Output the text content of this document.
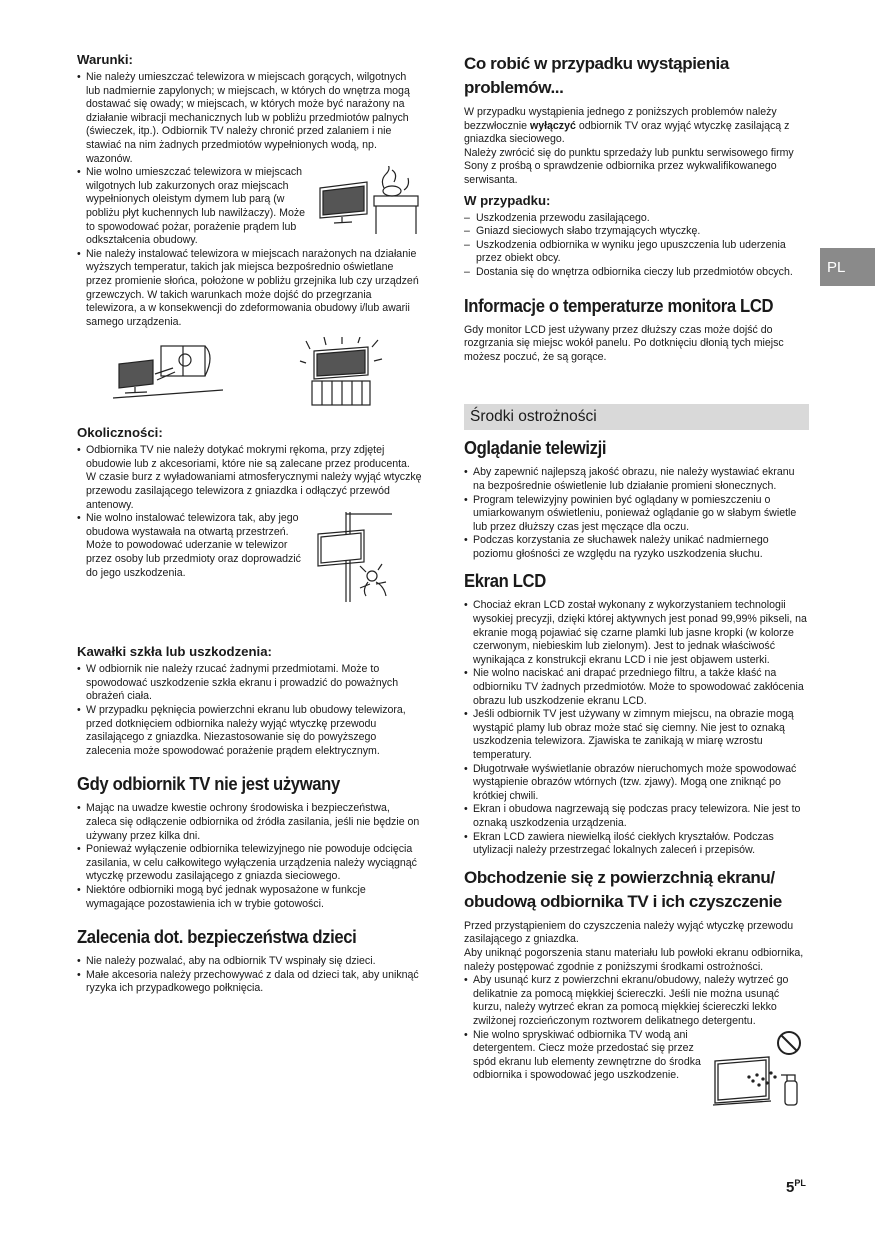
Warunki:
• Nie należy umieszczać telewizora w miejscach gorących, wilgotnych lub nadmiernie zapylonych; w miejscach, w których do wnętrza mogą dostawać się owady; w miejscach, w których może być narażony na działanie wibracji mechanicznych lub w pobliżu przedmiotów palnych (świeczek, itp.). Odbiornik TV należy chronić przed zalaniem i nie stawiać na nim żadnych przedmiotów wypełnionych wodą, np. wazonów.
• Nie wolno umieszczać telewizora w miejscach wilgotnych lub zakurzonych oraz miejscach wypełnionych oleistym dymem lub parą (w pobliżu płyt kuchennych lub nawilżaczy). Może to spowodować pożar, porażenie prądem lub odkształcenia obudowy.
• Nie należy instalować telewizora w miejscach narażonych na działanie wyższych temperatur, takich jak miejsca bezpośrednio oświetlane przez promienie słońca, położone w pobliżu grzejnika lub czy urządzeń grzewczych. W takich warunkach może dojść do przegrzania telewizora, a w konsekwencji do zdeformowania obudowy i/lub awarii samego urządzenia.
Okoliczności:
• Odbiornika TV nie należy dotykać mokrymi rękoma, przy zdjętej obudowie lub z akcesoriami, które nie są zalecane przez producenta. W czasie burz z wyładowaniami atmosferycznymi należy wyjąć wtyczkę przewodu zasilającego telewizora z gniazdka i odłączyć przewód antenowy.
• Nie wolno instalować telewizora tak, aby jego obudowa wystawała na otwartą przestrzeń. Może to powodować uderzanie w telewizor przez osoby lub przedmioty oraz doprowadzić do jego uszkodzenia.
Kawałki szkła lub uszkodzenia:
• W odbiornik nie należy rzucać żadnymi przedmiotami. Może to spowodować uszkodzenie szkła ekranu i prowadzić do poważnych obrażeń ciała.
• W przypadku pęknięcia powierzchni ekranu lub obudowy telewizora, przed dotknięciem odbiornika należy wyjąć wtyczkę przewodu zasilającego z gniazdka. Niezastosowanie się do powyższego zalecenia może spowodować porażenie prądem elektrycznym.
Gdy odbiornik TV nie jest używany
• Mając na uwadze kwestie ochrony środowiska i bezpieczeństwa, zaleca się odłączenie odbiornika od źródła zasilania, jeśli nie będzie on używany przez kilka dni.
• Ponieważ wyłączenie odbiornika telewizyjnego nie powoduje odcięcia zasilania, w celu całkowitego wyłączenia urządzenia należy wyciągnąć wtyczkę przewodu zasilającego z gniazda sieciowego.
• Niektóre odbiorniki mogą być jednak wyposażone w funkcje wymagające pozostawienia ich w trybie gotowości.
Zalecenia dot. bezpieczeństwa dzieci
• Nie należy pozwalać, aby na odbiornik TV wspinały się dzieci.
• Małe akcesoria należy przechowywać z dala od dzieci tak, aby uniknąć ryzyka ich przypadkowego połknięcia.
Co robić w przypadku wystąpienia problemów...

W przypadku wystąpienia jednego z poniższych problemów należy bezzwłocznie wyłączyć odbiornik TV oraz wyjąć wtyczkę zasilającą z gniazdka sieciowego.

Należy zwrócić się do punktu sprzedaży lub punktu serwisowego firmy Sony z prośbą o sprawdzenie odbiornika przez wykwalifikowanego serwisanta.

W przypadku:
– Uszkodzenia przewodu zasilającego.
– Gniazd sieciowych słabo trzymających wtyczkę.
– Uszkodzenia odbiornika w wyniku jego upuszczenia lub uderzenia przez obiekt obcy.
– Dostania się do wnętrza odbiornika cieczy lub przedmiotów obcych.
Informacje o temperaturze monitora LCD

Gdy monitor LCD jest używany przez dłuższy czas może dojść do rozgrzania się miejsc wokół panelu. Po dotknięciu dłonią tych miejsc możesz poczuć, że są gorące.

Środki ostrożności
Oglądanie telewizji
• Aby zapewnić najlepszą jakość obrazu, nie należy wystawiać ekranu na bezpośrednie oświetlenie lub działanie promieni słonecznych.
• Program telewizyjny powinien być oglądany w pomieszczeniu o umiarkowanym oświetleniu, ponieważ oglądanie go w słabym świetle lub przez dłuższy czas jest męczące dla oczu.
• Podczas korzystania ze słuchawek należy unikać nadmiernego poziomu głośności ze względu na ryzyko uszkodzenia słuchu.
Ekran LCD
• Chociaż ekran LCD został wykonany z wykorzystaniem technologii wysokiej precyzji, dzięki której aktywnych jest ponad 99,99% pikseli, na ekranie mogą pojawiać się czarne plamki lub jasne kropki (w kolorze czerwonym, niebieskim lub zielonym). Jest to jednak właściwość wynikająca z konstrukcji ekranu LCD i nie jest objawem usterki.
• Nie wolno naciskać ani drapać przedniego filtru, a także kłaść na odbiorniku TV żadnych przedmiotów. Może to spowodować zakłócenia obrazu lub uszkodzenie ekranu LCD.
• Jeśli odbiornik TV jest używany w zimnym miejscu, na obrazie mogą wystąpić plamy lub obraz może stać się ciemny. Nie jest to oznaką uszkodzenia telewizora. Zjawiska te zanikają w miarę wzrostu temperatury.
• Długotrwałe wyświetlanie obrazów nieruchomych może spowodować wystąpienie obrazów wtórnych (tzw. zjawy). Mogą one zniknąć po krótkiej chwili.
• Ekran i obudowa nagrzewają się podczas pracy telewizora. Nie jest to oznaką uszkodzenia urządzenia.
• Ekran LCD zawiera niewielką ilość ciekłych kryształów. Podczas utylizacji należy przestrzegać lokalnych zaleceń i przepisów.
Obchodzenie się z powierzchnią ekranu/ obudową odbiornika TV i ich czyszczenie

Przed przystąpieniem do czyszczenia należy wyjąć wtyczkę przewodu zasilającego z gniazdka.

Aby uniknąć pogorszenia stanu materiału lub powłoki ekranu odbiornika, należy postępować zgodnie z poniższymi środkami ostrożności.

• Aby usunąć kurz z powierzchni ekranu/obudowy, należy wytrzeć go delikatnie za pomocą miękkiej ściereczki. Jeśli nie można usunąć kurzu, należy wytrzeć ekran za pomocą miękkiej ściereczki lekko zwilżonej rozcieńczonym roztworem delikatnego detergentu.
• Nie wolno spryskiwać odbiornika TV wodą ani detergentem. Ciecz może przedostać się przez spód ekranu lub elementy zewnętrzne do środka odbiornika i spowodować jego uszkodzenie.
PL
$5^{PL}$
